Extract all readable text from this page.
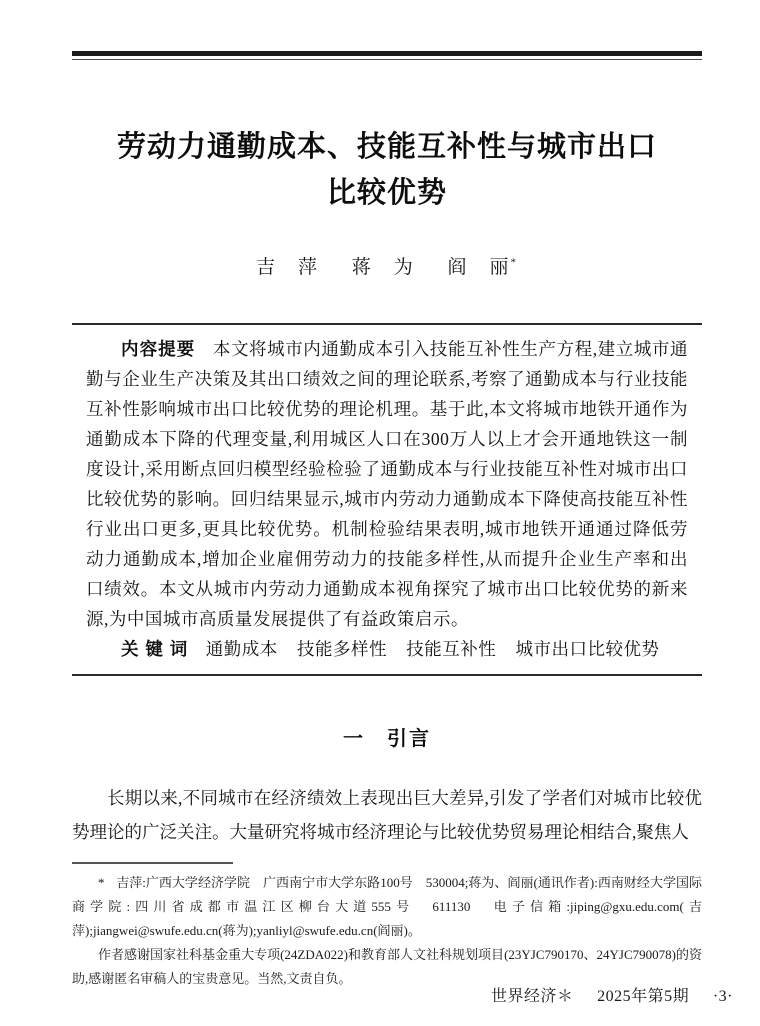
劳动力通勤成本、技能互补性与城市出口
比较优势
吉　萍 蒋　为 阎　丽*

内容提要 本文将城市内通勤成本引入技能互补性生产方程,建立城市通勤与企业生产决策及其出口绩效之间的理论联系,考察了通勤成本与行业技能互补性影响城市出口比较优势的理论机理。基于此,本文将城市地铁开通作为通勤成本下降的代理变量,利用城区人口在300万人以上才会开通地铁这一制度设计,采用断点回归模型经验检验了通勤成本与行业技能互补性对城市出口比较优势的影响。回归结果显示,城市内劳动力通勤成本下降使高技能互补性行业出口更多,更具比较优势。机制检验结果表明,城市地铁开通通过降低劳动力通勤成本,增加企业雇佣劳动力的技能多样性,从而提升企业生产率和出口绩效。本文从城市内劳动力通勤成本视角探究了城市出口比较优势的新来源,为中国城市高质量发展提供了有益政策启示。

关 键 词 通勤成本 技能多样性 技能互补性 城市出口比较优势

一　引言

长期以来,不同城市在经济绩效上表现出巨大差异,引发了学者们对城市比较优势理论的广泛关注。大量研究将城市经济理论与比较优势贸易理论相结合,聚焦人

* 吉萍:广西大学经济学院　广西南宁市大学东路100号　530004;蒋为、阎丽(通讯作者):西南财经大学国际商学院:四川省成都市温江区柳台大道555号　611130　电子信箱:jiping@gxu.edu.com(吉萍);jiangwei@swufe.edu.cn(蒋为);yanliyl@swufe.edu.cn(阎丽)。

作者感谢国家社科基金重大专项(24ZDA022)和教育部人文社科规划项目(23YJC790170、24YJC790078)的资助,感谢匿名审稿人的宝贵意见。当然,文责自负。

世界经济＊ 2025年第5期 ·3·
